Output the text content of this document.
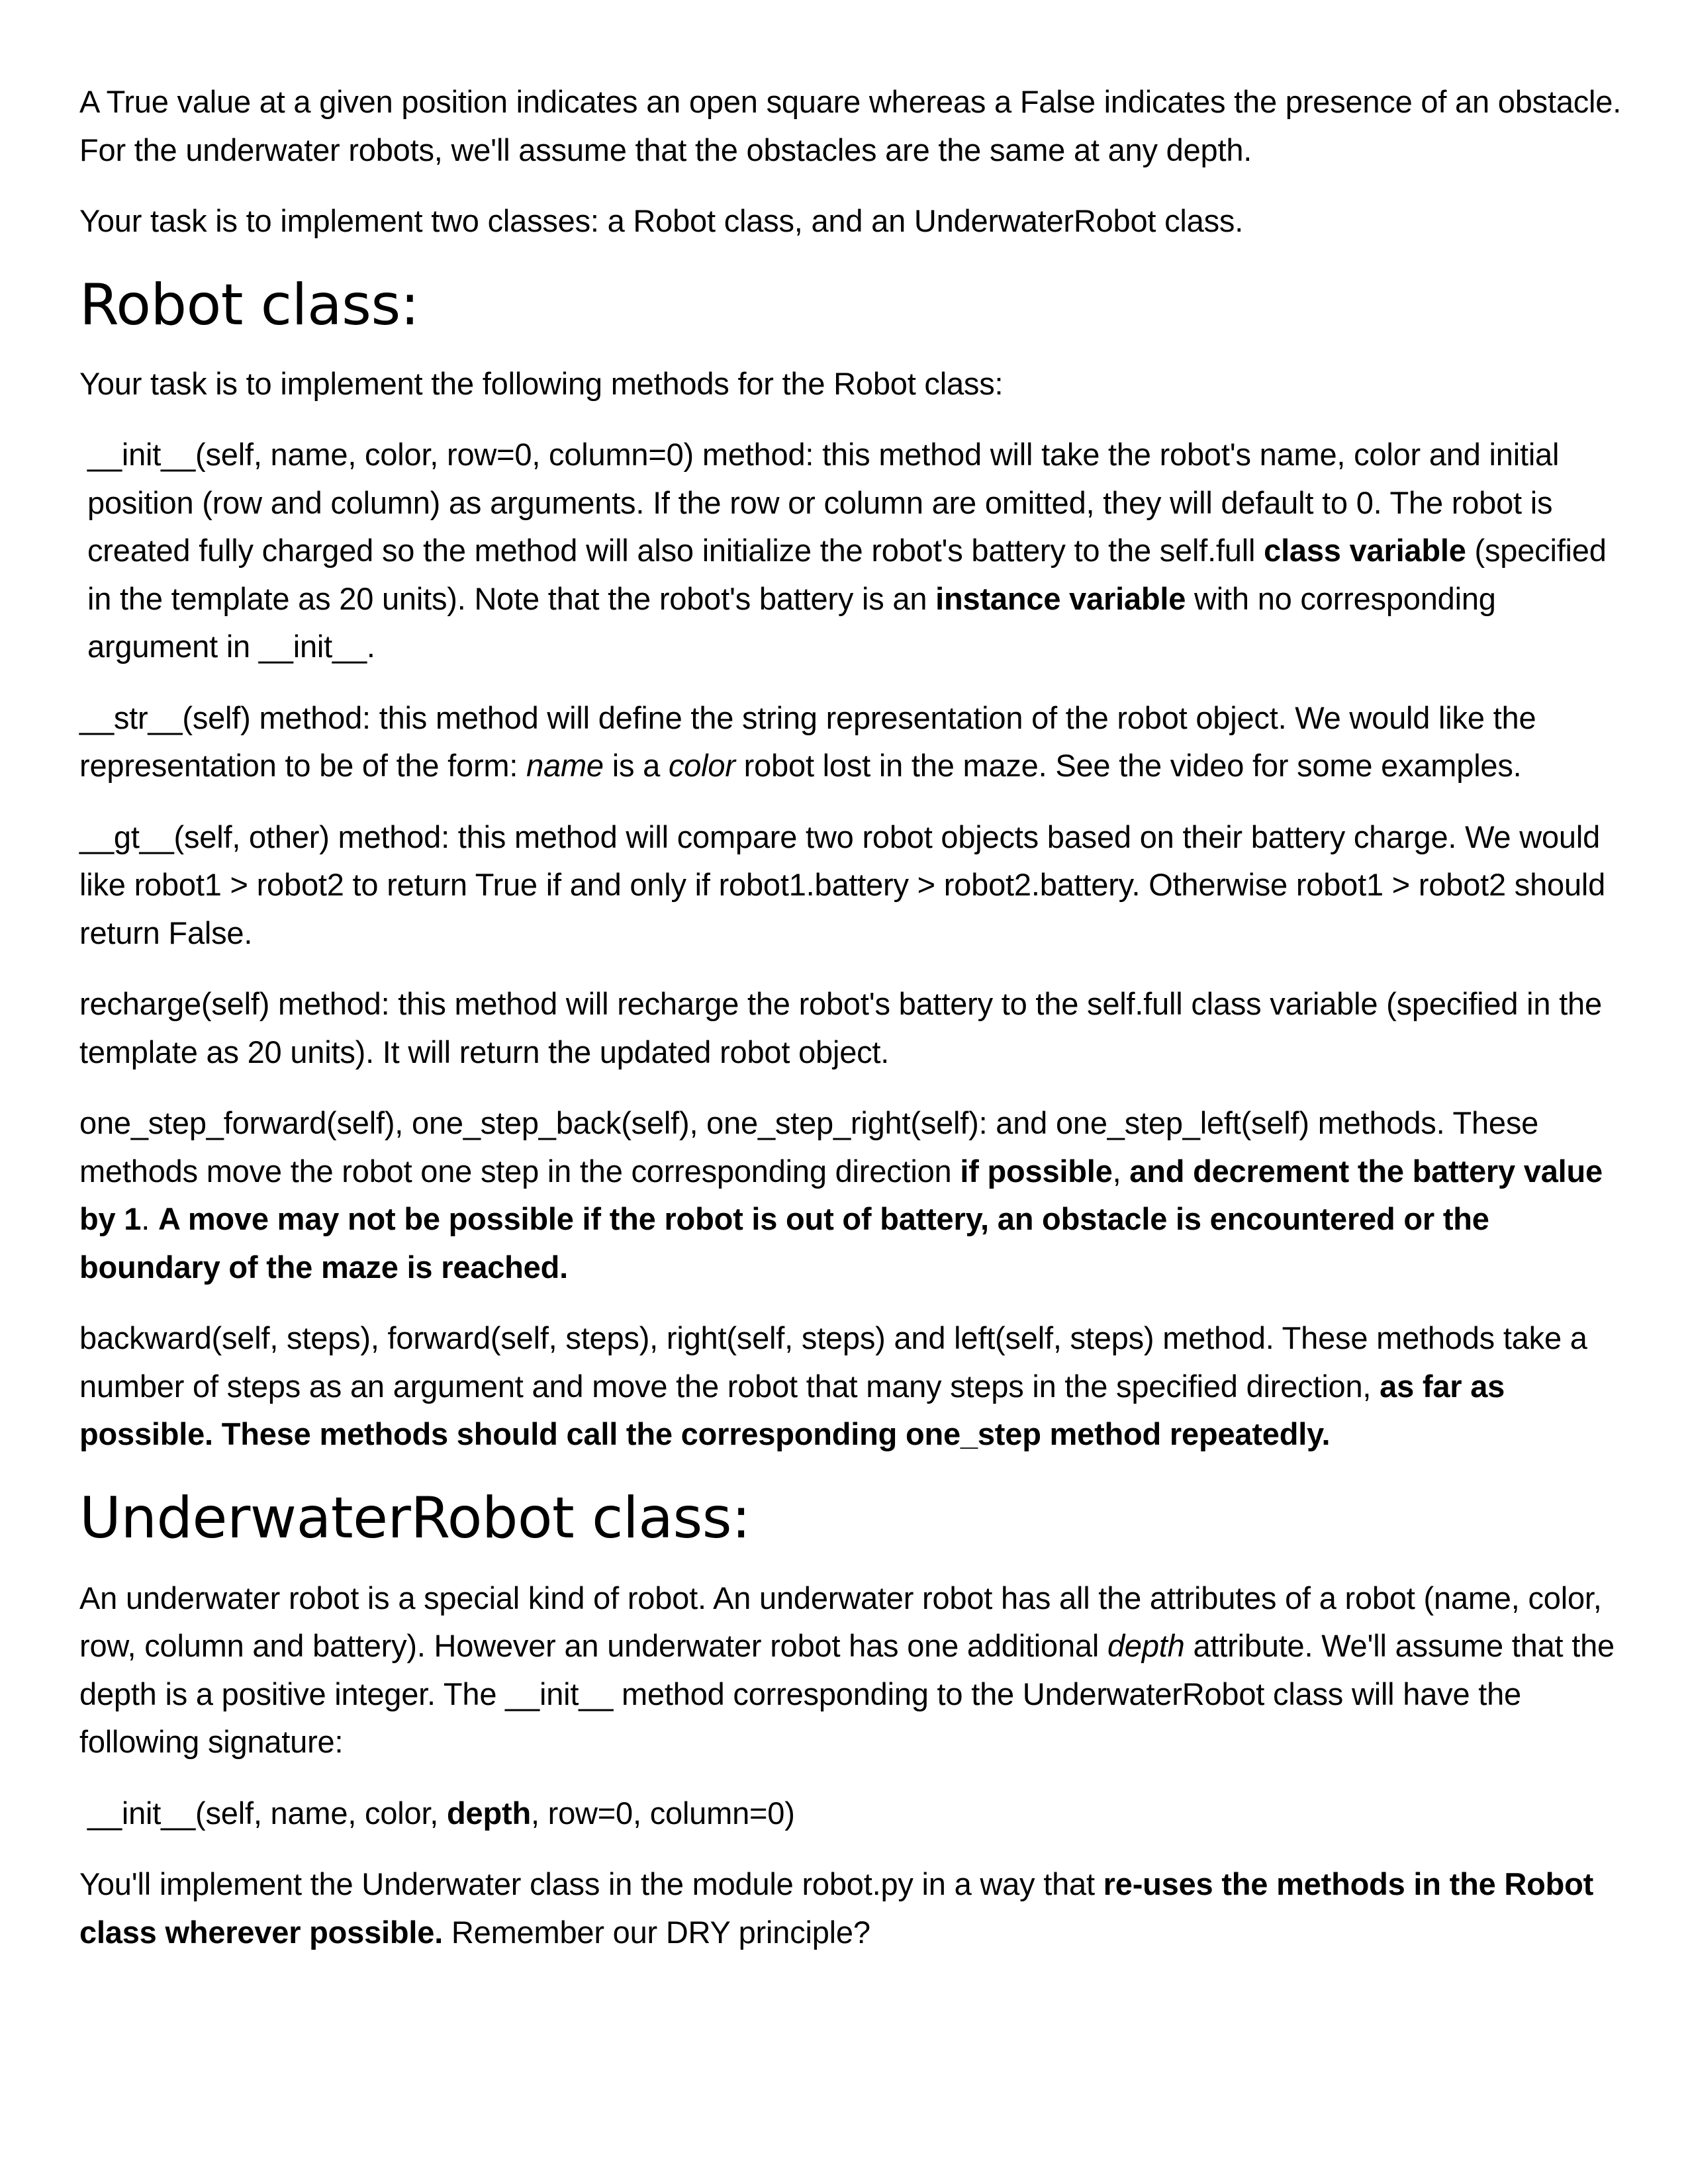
A True value at a given position indicates an open square whereas a False indicates the presence of an obstacle. For the underwater robots, we'll assume that the obstacles are the same at any depth.

Your task is to implement two classes: a Robot class, and an UnderwaterRobot class.

Robot class:

Your task is to implement the following methods for the Robot class:

__init__(self, name, color, row=0, column=0) method: this method will take the robot's name, color and initial position (row and column) as arguments. If the row or column are omitted, they will default to 0. The robot is created fully charged so the method will also initialize the robot's battery to the self.full class variable (specified in the template as 20 units). Note that the robot's battery is an instance variable with no corresponding argument in __init__.

__str__(self) method: this method will define the string representation of the robot object. We would like the representation to be of the form: name is a color robot lost in the maze. See the video for some examples.

__gt__(self, other) method: this method will compare two robot objects based on their battery charge. We would like robot1 > robot2 to return True if and only if robot1.battery > robot2.battery. Otherwise robot1 > robot2 should return False.

recharge(self) method: this method will recharge the robot's battery to the self.full class variable (specified in the template as 20 units). It will return the updated robot object.

one_step_forward(self), one_step_back(self), one_step_right(self): and one_step_left(self) methods. These methods move the robot one step in the corresponding direction if possible, and decrement the battery value by 1. A move may not be possible if the robot is out of battery, an obstacle is encountered or the boundary of the maze is reached.

backward(self, steps), forward(self, steps), right(self, steps) and left(self, steps) method. These methods take a number of steps as an argument and move the robot that many steps in the specified direction, as far as possible. These methods should call the corresponding one_step method repeatedly.

UnderwaterRobot class:

An underwater robot is a special kind of robot. An underwater robot has all the attributes of a robot (name, color, row, column and battery). However an underwater robot has one additional depth attribute. We'll assume that the depth is a positive integer. The __init__ method corresponding to the UnderwaterRobot class will have the following signature:

__init__(self, name, color, depth, row=0, column=0)

You'll implement the Underwater class in the module robot.py in a way that re-uses the methods in the Robot class wherever possible. Remember our DRY principle?
